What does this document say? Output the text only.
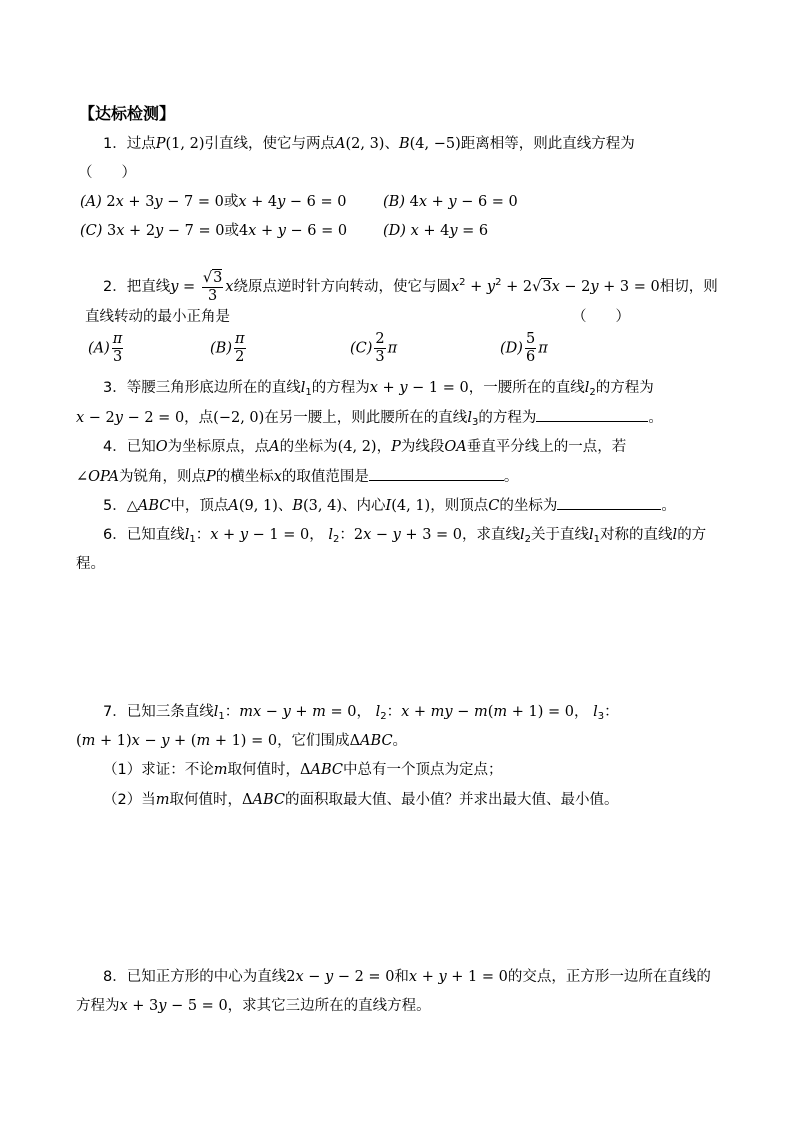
【达标检测】
1．过点P(1, 2)引直线，使它与两点A(2, 3)、B(4, −5)距离相等，则此直线方程为
（　　）
(A) 2x + 3y − 7 = 0或x + 4y − 6 = 0	(B) 4x + y − 6 = 0
(C) 3x + 2y − 7 = 0或4x + y − 6 = 0 (D) x + 4y = 6
2．把直线$y = \frac{√3}{3}$ x绕原点逆时针方向转动，使它与圆$x^2 + y^2 + 2√3x - 2y + 3 = 0$相切，则
直线转动的最小正角是	（　　）
$(A) \frac{\pi}{3}$	$(B) \frac{\pi}{2}$	$(C) \frac{2}{3}$ π	$(D) \frac{5}{6}$ π
3．等腰三角形底边所在的直线$l_1$的方程为x + y − 1 = 0，一腰所在的直线$l_2$的方程为
x − 2y − 2 = 0，点(−2, 0)在另一腰上，则此腰所在的直线$l_3$的方程为	。
4．已知O为坐标原点，点A的坐标为(4, 2)，P为线段OA垂直平分线上的一点，若
∠OPA为锐角，则点P的横坐标x的取值范围是	。
5．△ABC中，顶点A(9, 1)、B(3, 4)、内心I(4, 1)，则顶点C的坐标为	。
6．已知直线$l_1$：x + y − 1 = 0， $l_2$：2x − y + 3 = 0，求直线$l_2$关于直线$l_1$对称的直线l的方
程。
7．已知三条直线$l_1$：mx − y + m = 0， $l_2$：x + my − m(m + 1) = 0， $l_3$：
(m + 1)x − y + (m + 1) = 0，它们围成ΔABC。
（1）求证：不论m取何值时，ΔABC中总有一个顶点为定点；
（2）当m取何值时，ΔABC的面积取最大值、最小值？并求出最大值、最小值。
8．已知正方形的中心为直线2x − y − 2 = 0和x + y + 1 = 0的交点，正方形一边所在直线的
方程为x + 3y − 5 = 0，求其它三边所在的直线方程。
